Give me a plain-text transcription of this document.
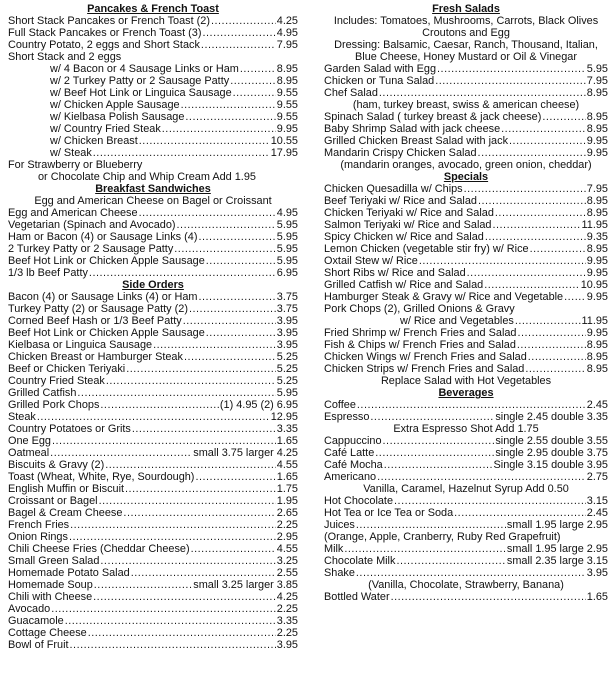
Pancakes & French Toast
Short Stack Pancakes or French Toast (2) .....	4.25
Full Stack Pancakes or French Toast (3) .....	4.95
Country Potato, 2 eggs and Short Stack .....	7.95
Short Stack and 2 eggs
w/ 4 Bacon or 4 Sausage Links or Ham .....	8.95
w/ 2 Turkey Patty or 2 Sausage Patty .....	8.95
w/ Beef Hot Link or Linguica Sausage .....	9.55
w/ Chicken Apple Sausage .....	9.55
w/ Kielbasa Polish Sausage .....	9.55
w/ Country Fried Steak .....	9.95
w/ Chicken Breast .....	10.55
w/ Steak .....	17.95
For Strawberry or Blueberry
or Chocolate Chip and Whip Cream Add 1.95
Breakfast Sandwiches
Egg and American Cheese on Bagel or Croissant
Egg and American Cheese .....	4.95
Vegetarian (Spinach and Avocado) .....	5.95
Ham or Bacon (4) or Sausage Links (4) .....	5.95
2 Turkey Patty or 2 Sausage Patty .....	5.95
Beef Hot Link or Chicken Apple Sausage .....	5.95
1/3 lb Beef Patty .....	6.95
Side Orders
Bacon (4) or Sausage Links (4) or Ham .....	3.75
Turkey Patty (2) or Sausage Patty (2) .....	3.75
Corned Beef Hash or 1/3 Beef Patty .....	3.95
Beef Hot Link or Chicken Apple Sausage .....	3.95
Kielbasa or Linguica Sausage .....	3.95
Chicken Breast or Hamburger Steak .....	5.25
Beef or Chicken Teriyaki .....	5.25
Country Fried Steak .....	5.25
Grilled Catfish .....	5.95
Grilled Pork Chops .....	(1) 4.95 (2) 6.95
Steak .....	12.95
Country Potatoes or Grits .....	3.35
One Egg .....	1.65
Oatmeal .....	small 3.75 larger 4.25
Biscuits & Gravy (2) .....	4.55
Toast (Wheat, White, Rye, Sourdough) .....	1.65
English Muffin or Biscuit .....	1.75
Croissant or Bagel .....	1.95
Bagel & Cream Cheese .....	2.65
French Fries .....	2.25
Onion Rings .....	2.95
Chili Cheese Fries (Cheddar Cheese) .....	4.55
Small Green Salad .....	3.25
Homemade Potato Salad .....	2.55
Homemade Soup .....	small 3.25 larger 3.85
Chili with Cheese .....	4.25
Avocado .....	2.25
Guacamole .....	3.35
Cottage Cheese .....	2.25
Bowl of Fruit .....	3.95
Fresh Salads
Includes: Tomatoes, Mushrooms, Carrots, Black Olives
Croutons and Egg
Dressing: Balsamic, Caesar, Ranch, Thousand, Italian,
Blue Cheese, Honey Mustard or Oil & Vinegar
Garden Salad with Egg .....	5.95
Chicken or Tuna Salad .....	7.95
Chef Salad .....	8.95
(ham, turkey breast, swiss & american cheese)
Spinach Salad ( turkey breast & jack cheese) .....	8.95
Baby Shrimp Salad with jack cheese .....	8.95
Grilled Chicken Breast Salad with jack .....	9.95
Mandarin Crispy Chicken Salad .....	9.95
(mandarin oranges, avocado, green onion, cheddar)
Specials
Chicken Quesadilla w/ Chips .....	7.95
Beef Teriyaki w/ Rice and Salad .....	8.95
Chicken Teriyaki w/ Rice and Salad .....	8.95
Salmon Teriyaki w/ Rice and Salad .....	11.95
Spicy Chicken w/ Rice and Salad .....	9.35
Lemon Chicken (vegetable stir fry) w/ Rice .....	8.95
Oxtail Stew w/ Rice .....	9.95
Short Ribs w/ Rice and Salad .....	9.95
Grilled Catfish w/ Rice and Salad .....	10.95
Hamburger Steak & Gravy w/ Rice and Vegetable ..... 9.95
Pork Chops (2), Grilled Onions & Gravy
w/ Rice and Vegetables .....	11.95
Fried Shrimp w/ French Fries and Salad .....	9.95
Fish & Chips w/ French Fries and Salad .....	8.95
Chicken Wings w/ French Fries and Salad .....	8.95
Chicken Strips w/ French Fries and Salad .....	8.95
Replace Salad with Hot Vegetables
Beverages
Coffee .....	2.45
Espresso .....	single 2.45 double 3.35
Extra Espresso Shot Add 1.75
Cappuccino .....	single 2.55 double 3.55
Café Latte .....	single 2.95 double 3.75
Café Mocha .....	Single 3.15 double 3.95
Americano .....	2.75
Vanilla, Caramel, Hazelnut Syrup Add 0.50
Hot Chocolate .....	3.15
Hot Tea or Ice Tea or Soda .....	2.45
Juices .....	small 1.95 large 2.95
(Orange, Apple, Cranberry, Ruby Red Grapefruit)
Milk .....	small 1.95 large 2.95
Chocolate Milk .....	small 2.35 large 3.15
Shake .....	3.95
(Vanilla, Chocolate, Strawberry, Banana)
Bottled Water .....	1.65
